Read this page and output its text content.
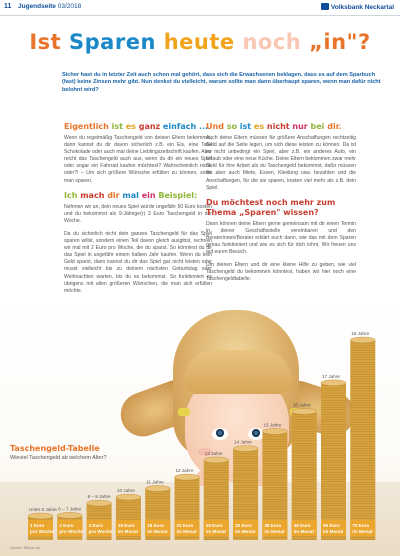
11 Jugendseite 03/2018	Volksbank Neckartal
Ist Sparen heute noch „in"?
Sicher hast du in letzter Zeit auch schon mal gehört, dass sich die Erwachsenen beklagen, dass es auf dem Sparbuch (fast) keine Zinsen mehr gibt. Nun denkst du vielleicht, warum sollte man dann überhaupt sparen, wenn man dafür nicht belohnt wird?
Eigentlich ist es ganz einfach ...

Wenn du regelmäßig Taschengeld von deinen Eltern bekommst, dann kannst du dir davon sicherlich z.B. ein Eis, eine Tafel Schokolade oder auch mal deine Lieblingszeitschrift kaufen. Aber reicht das Taschengeld auch aus, wenn du dir ein neues Spiel oder sogar ein Fahrrad kaufen möchtest? Wahrscheinlich nicht, oder?! – Um sich größere Wünsche erfüllen zu können, sollte man sparen.

Ich mach dir mal ein Beispiel:

Nehmen wir an, dein neues Spiel würde ungefähr 50 Euro kosten und du bekommst als 9-Jährige(r) 3 Euro Taschengeld in der Woche.

Da du sicherlich nicht dein ganzes Taschengeld für das Spiel sparen willst, sondern einen Teil davon gleich ausgibst, rechnen wir mal mit 2 Euro pro Woche, die du sparst. So könntest du dir das Spiel in ungefähr einem halben Jahr kaufen. Wenn du kein Geld sparst, dann kannst du dir das Spiel gar nicht leisten oder musst vielleicht bis zu deinem nächsten Geburtstag oder Weihnachten warten, bis du es bekommst. So funktioniert es übrigens mit allen größeren Wünschen, die man sich erfüllen möchte.

Und so ist es nicht nur bei dir.

Auch deine Eltern müssen für größere Anschaffungen rechtzeitig Geld auf die Seite legen, um sich diese leisten zu können. Da ist es nicht unbedingt ein Spiel, aber z.B. ein anderes Auto, ein Urlaub oder eine neue Küche. Deine Eltern bekommen zwar mehr Geld für ihre Arbeit als du Taschengeld bekommst, dafür müssen sie aber auch Miete, Essen, Kleidung usw. bezahlen und die Anschaffungen, für die sie sparen, kosten viel mehr als z.B. dein Spiel.

Du möchtest noch mehr zum Thema „Sparen" wissen?

Dann können deine Eltern gerne gemeinsam mit dir einen Termin in deiner Geschäftsstelle vereinbaren und den Beraterinnen/Berater erklärt euch dann, wie das mit dem Sparen genau funktioniert und wie es sich für dich lohnt. Wir freuen uns auf euren Besuch.

Um deinen Eltern und dir eine kleine Hilfe zu geben, wie viel Taschengeld du bekommen könntest, haben wir hier noch eine Taschengeldtabelle:

1 Euro
pro Woche
Unter 6 Jahre
2 Euro
pro Woche
6 – 7 Jahre
3 Euro
pro Woche
8 – 9 Jahre
15 Euro
im Monat
10 Jahre
18 Euro
im Monat
11 Jahre
22 Euro
im Monat
12 Jahre
28 Euro
im Monat
13 Jahre
32 Euro
im Monat
14 Jahre
38 Euro
im Monat
15 Jahre
45 Euro
im Monat
16 Jahre
55 Euro
im Monat
17 Jahre
70 Euro
im Monat
18 Jahre
Taschengeld-Tabelle
Wieviel Taschengeld ab welchem Alter?
Quelle: Eltern.de
